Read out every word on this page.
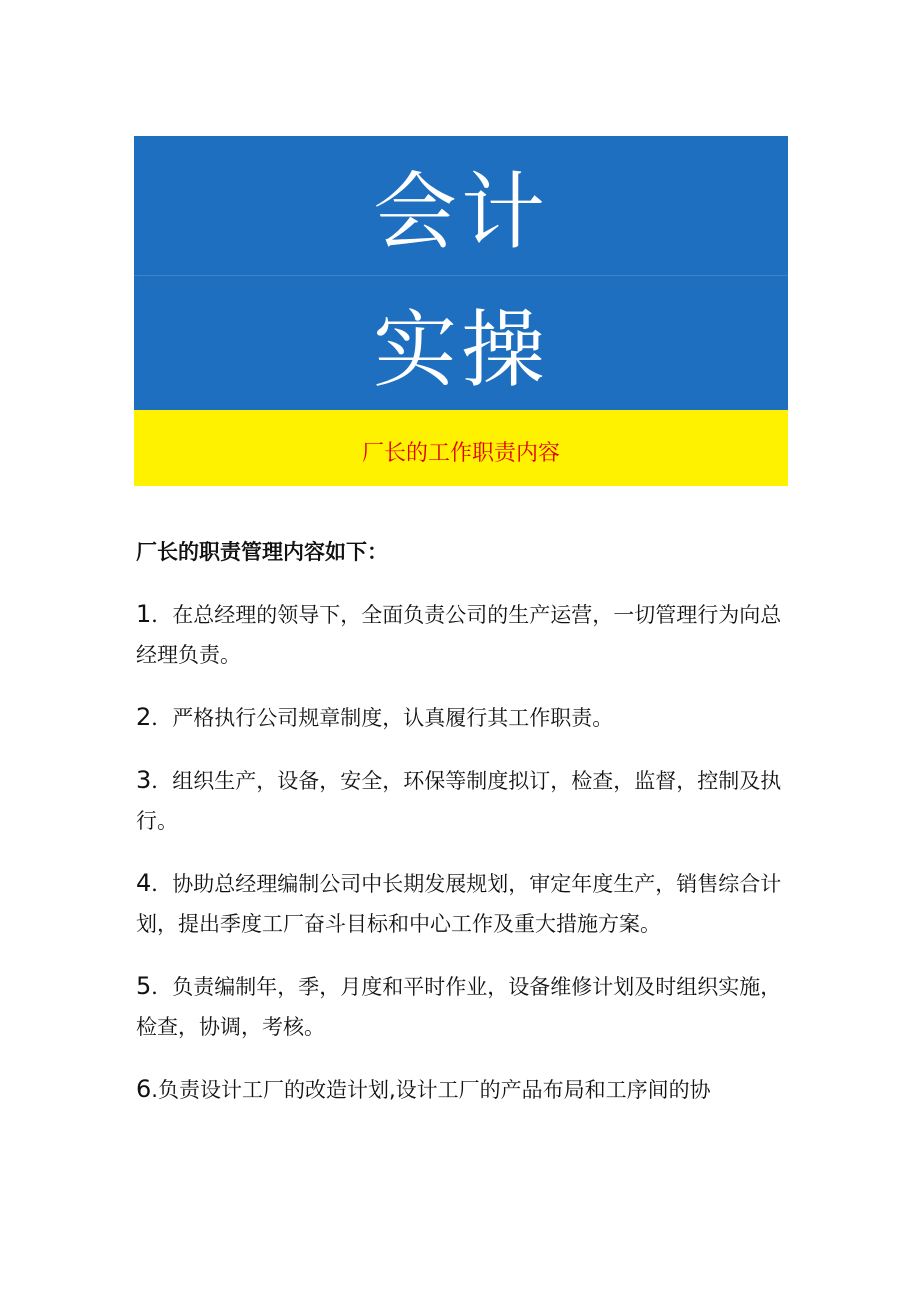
会计
实操
厂长的工作职责内容
厂长的职责管理内容如下：
1．在总经理的领导下，全面负责公司的生产运营，一切管理行为向总经理负责。
2．严格执行公司规章制度，认真履行其工作职责。
3．组织生产，设备，安全，环保等制度拟订，检查，监督，控制及执行。
4．协助总经理编制公司中长期发展规划，审定年度生产，销售综合计划，提出季度工厂奋斗目标和中心工作及重大措施方案。
5．负责编制年，季，月度和平时作业，设备维修计划及时组织实施，检查，协调，考核。
6.负责设计工厂的改造计划,设计工厂的产品布局和工序间的协
